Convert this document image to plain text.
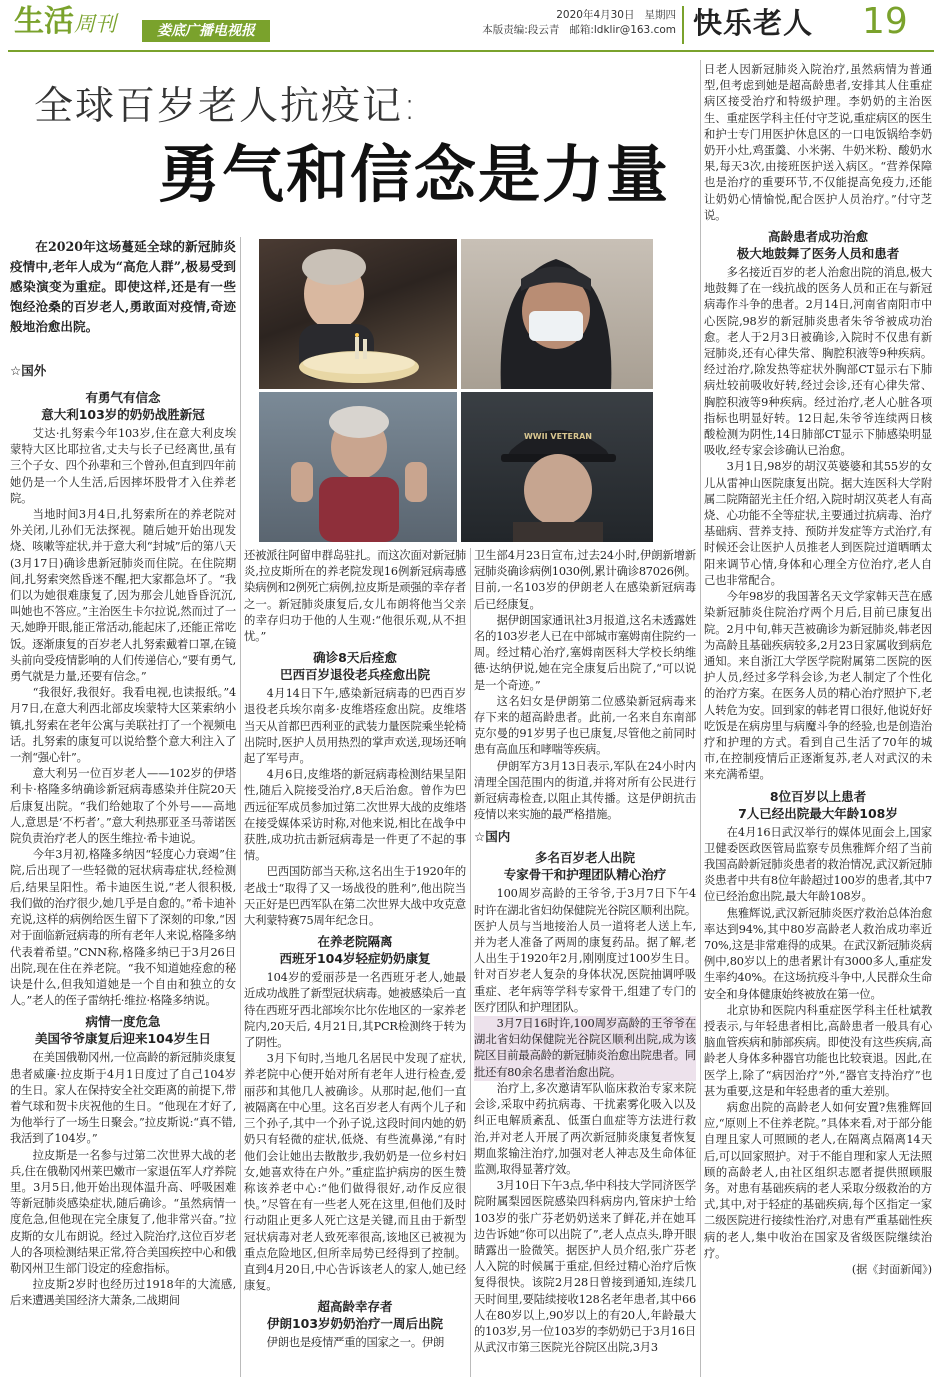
生活周刊	娄底广播电视报
2020年4月30日 星期四
本版责编:段云青 邮箱:ldklir@163.com 快乐老人 19
全球百岁老人抗疫记:
勇气和信念是力量

在2020年这场蔓延全球的新冠肺炎疫情中,老年人成为“高危人群”,极易受到感染演变为重症。即使这样,还是有一些饱经沧桑的百岁老人,勇敢面对疫情,奇迹般地治愈出院。

WWII VETERAN
☆国外
有勇气有信念
意大利103岁的奶奶战胜新冠

艾达·扎努索今年103岁,住在意大利皮埃蒙特大区比耶拉省,丈夫与长子已经离世,虽有三个子女、四个孙辈和三个曾孙,但直到四年前她仍是一个人生活,后因摔坏股骨才入住养老院。

当地时间3月4日,扎努索所在的养老院对外关闭,儿孙们无法探视。随后她开始出现发烧、咳嗽等症状,并于意大利“封城”后的第八天(3月17日)确诊患新冠肺炎而住院。在住院期间,扎努索突然昏迷不醒,把大家都急坏了。“我们以为她很难康复了,因为那会儿她昏昏沉沉,叫她也不答应。”主治医生卡尔拉说,然而过了一天,她睁开眼,能正常活动,能起床了,还能正常吃饭。逐渐康复的百岁老人扎努索戴着口罩,在镜头前向受疫情影响的人们传递信心,“要有勇气,勇气就是力量,还要有信念。”

“我很好,我很好。我看电视,也读报纸。”4月7日,在意大利西北部皮埃蒙特大区莱索纳小镇,扎努索在老年公寓与美联社打了一个视频电话。扎努索的康复可以说给整个意大利注入了一剂“强心针”。

意大利另一位百岁老人——102岁的伊塔利卡·格隆多纳确诊新冠病毒感染并住院20天后康复出院。“我们给她取了个外号——高地人,意思是‘不朽者’。”意大利热那亚圣马蒂诺医院负责治疗老人的医生维拉·希卡迪说。

今年3月初,格隆多纳因“轻度心力衰竭”住院,后出现了一些轻微的冠状病毒症状,经检测后,结果呈阳性。希卡迪医生说,“老人很积极,我们做的治疗很少,她几乎是自愈的。”希卡迪补充说,这样的病例给医生留下了深刻的印象,“因对于面临新冠病毒的所有老年人来说,格隆多纳代表着希望。”CNN称,格隆多纳已于3月26日出院,现在住在养老院。“我不知道她痊愈的秘诀是什么,但我知道她是一个自由和独立的女人。”老人的侄子雷纳托·维拉·格隆多纳说。

病情一度危急
美国爷爷康复后迎来104岁生日

在美国俄勒冈州,一位高龄的新冠肺炎康复患者威廉·拉皮斯于4月1日度过了自己104岁的生日。家人在保持安全社交距离的前提下,带着气球和贺卡庆祝他的生日。“他现在才好了,为他举行了一场生日聚会。”拉皮斯说:“真不错,我活到了104岁。”

拉皮斯是一名参与过第二次世界大战的老兵,住在俄勒冈州莱巴嫩市一家退伍军人疗养院里。3月5日,他开始出现体温升高、呼吸困难等新冠肺炎感染症状,随后确诊。“虽然病情一度危急,但他现在完全康复了,他非常兴奋。”拉皮斯的女儿布朗说。经过入院治疗,这位百岁老人的各项检测结果正常,符合美国疾控中心和俄勒冈州卫生部门设定的痊愈指标。

拉皮斯2岁时也经历过1918年的大流感,后来遭遇美国经济大萧条,二战期间

还被派往阿留申群岛驻扎。而这次面对新冠肺炎,拉皮斯所在的养老院发现16例新冠病毒感染病例和2例死亡病例,拉皮斯是顽强的幸存者之一。新冠肺炎康复后,女儿布朗将他当父亲的幸存归功于他的人生观:“他很乐观,从不担忧。”

确诊8天后痊愈
巴西百岁退役老兵痊愈出院

4月14日下午,感染新冠病毒的巴西百岁退役老兵埃尔南多·皮维塔痊愈出院。皮维塔当天从首都巴西利亚的武装力量医院乘坐轮椅出院时,医护人员用热烈的掌声欢送,现场还响起了军号声。

4月6日,皮维塔的新冠病毒检测结果呈阳性,随后入院接受治疗,8天后治愈。曾作为巴西远征军成员参加过第二次世界大战的皮维塔在接受媒体采访时称,对他来说,相比在战争中获胜,成功抗击新冠病毒是一件更了不起的事情。

巴西国防部当天称,这名出生于1920年的老战士“取得了又一场战役的胜利”,他出院当天正好是巴西军队在第二次世界大战中攻克意大利蒙特赛75周年纪念日。

在养老院隔离
西班牙104岁轻症奶奶康复

104岁的爱丽莎是一名西班牙老人,她最近成功战胜了新型冠状病毒。她被感染后一直待在西班牙西北部埃尔比尔佐地区的一家养老院内,20天后, 4月21日,其PCR检测终于转为了阴性。

3月下旬时,当地几名居民中发现了症状,养老院中心便开始对所有老年人进行检查,爱丽莎和其他几人被确诊。从那时起,他们一直被隔离在中心里。这名百岁老人有两个儿子和三个孙子,其中一个孙子说,这段时间内她的奶奶只有轻微的症状,低烧、有些流鼻涕,“有时他们会让她出去散散步,我奶奶是一位乡村妇女,她喜欢待在户外。”重症监护病房的医生赞称该养老中心:“他们做得很好,动作反应很快。”尽管在有一些老人死在这里,但他们及时行动阻止更多人死亡这是关键,而且由于新型冠状病毒对老人致死率很高,该地区已被视为重点危险地区,但所幸局势已经得到了控制。直到4月20日,中心告诉该老人的家人,她已经康复。

超高龄幸存者
伊朗103岁奶奶治疗一周后出院

伊朗也是疫情严重的国家之一。伊朗

卫生部4月23日宣布,过去24小时,伊朗新增新冠肺炎确诊病例1030例,累计确诊87026例。目前,一名103岁的伊朗老人在感染新冠病毒后已经康复。

据伊朗国家通讯社3月报道,这名未透露姓名的103岁老人已在中部城市塞姆南住院约一周。经过精心治疗,塞姆南医科大学校长纳维德·达纳伊说,她在完全康复后出院了,“可以说是一个奇迹。”

这名妇女是伊朗第二位感染新冠病毒来存下来的超高龄患者。此前,一名来自东南部克尔曼的91岁男子也已康复,尽管他之前同时患有高血压和哮喘等疾病。

伊朗军方3月13日表示,军队在24小时内清理全国范围内的街道,并将对所有公民进行新冠病毒检查,以阻止其传播。这是伊朗抗击疫情以来实施的最严格措施。

☆国内
多名百岁老人出院
专家骨干和护理团队精心治疗

100周岁高龄的王爷爷,于3月7日下午4时许在湖北省妇幼保健院光谷院区顺利出院。医护人员与当地接治人员一道将老人送上车,并为老人准备了两周的康复药品。据了解,老人出生于1920年2月,刚刚度过100岁生日。针对百岁老人复杂的身体状况,医院抽调呼吸重症、老年病等学科专家骨干,组建了专门的医疗团队和护理团队。

3月7日16时许,100周岁高龄的王爷爷在湖北省妇幼保健院光谷院区顺利出院,成为该院区目前最高龄的新冠肺炎治愈出院患者。同批还有80余名患者治愈出院。

治疗上,多次邀请军队临床救治专家来院会诊,采取中药抗病毒、干扰素雾化吸入以及纠正电解质紊乱、低蛋白血症等方法进行救治,并对老人开展了两次新冠肺炎康复者恢复期血浆输注治疗,加强对老人神志及生命体征监测,取得显著疗效。

3月10日下午3点,华中科技大学同济医学院附属梨园医院感染四科病房内,管床护士给103岁的张广芬老奶奶送来了鲜花,并在她耳边告诉她“你可以出院了”,老人点点头,睁开眼睛露出一脸微笑。据医护人员介绍,张广芬老人入院的时候属于重症,但经过精心治疗后恢复得很快。该院2月28日曾接到通知,连续几天时间里,要陆续接收128名老年患者,其中66人在80岁以上,90岁以上的有20人,年龄最大的103岁,另一位103岁的李奶奶已于3月16日从武汉市第三医院光谷院区出院,3月3

日老人因新冠肺炎入院治疗,虽然病情为普通型,但考虑到她是超高龄患者,安排其人住重症病区接受治疗和特级护理。李奶奶的主治医生、重症医学科主任付守芝说,重症病区的医生和护士专门用医护休息区的一口电饭锅给李奶奶开小灶,鸡蛋羹、小米粥、牛奶米粉、酸奶水果,每天3次,由接班医护送入病区。“营养保障也是治疗的重要环节,不仅能提高免疫力,还能让奶奶心情愉悦,配合医护人员治疗。”付守芝说。

高龄患者成功治愈
极大地鼓舞了医务人员和患者

多名接近百岁的老人治愈出院的消息,极大地鼓舞了在一线抗战的医务人员和正在与新冠病毒作斗争的患者。2月14日,河南省南阳市中心医院,98岁的新冠肺炎患者朱爷爷被成功治愈。老人于2月3日被确诊,入院时不仅患有新冠肺炎,还有心律失常、胸腔积液等9种疾病。经过治疗,除发热等症状外胸部CT显示右下肺病灶较前吸收好转,经过会诊,还有心律失常、胸腔积液等9种疾病。经过治疗,老人心脏各项指标也明显好转。12日起,朱爷爷连续两日核酸检测为阴性,14日肺部CT显示下肺感染明显吸收,经专家会诊确认已治愈。

3月1日,98岁的胡汉英婆婆和其55岁的女儿从雷神山医院康复出院。据大连医科大学附属二院隋韶光主任介绍,入院时胡汉英老人有高烧、心功能不全等症状,主要通过抗病毒、治疗基础病、营养支持、预防并发症等方式治疗,有时候还会让医护人员推老人到医院过道晒晒太阳来调节心情,身体和心理全方位治疗,老人自己也非常配合。

今年98岁的我国著名天文学家韩天芑在感染新冠肺炎住院治疗两个月后,目前已康复出院。2月中旬,韩天芑被确诊为新冠肺炎,韩老因为高龄且基础疾病较多,2月23日家属收到病危通知。来自浙江大学医学院附属第二医院的医护人员,经过多学科会诊,为老人制定了个性化的治疗方案。在医务人员的精心治疗照护下,老人转危为安。回到家的韩老胃口很好,他说好好吃饭是在病房里与病魔斗争的经验,也是创造治疗和护理的方式。看到自己生活了70年的城市,在控制疫情后正逐渐复苏,老人对武汉的未来充满希望。

8位百岁以上患者
7人已经出院最大年龄108岁

在4月16日武汉举行的媒体见面会上,国家卫健委医政医管局监察专员焦雅辉介绍了当前我国高龄新冠肺炎患者的救治情况,武汉新冠肺炎患者中共有8位年龄超过100岁的患者,其中7位已经治愈出院,最大年龄108岁。

焦雅辉说,武汉新冠肺炎医疗救治总体治愈率达到94%,其中80岁高龄老人救治成功率近70%,这是非常难得的成果。在武汉新冠肺炎病例中,80岁以上的患者累计有3000多人,重症发生率约40%。在这场抗疫斗争中,人民群众生命安全和身体健康始终被放在第一位。

北京协和医院内科重症医学科主任杜斌教授表示,与年轻患者相比,高龄患者一般具有心脑血管疾病和肺部疾病。即使没有这些疾病,高龄老人身体多种器官功能也比较衰退。因此,在医学上,除了“病因治疗”外,“器官支持治疗”也甚为重要,这是和年轻患者的重大差别。

病愈出院的高龄老人如何安置?焦雅辉回应,“原则上不住养老院。”具体来看,对于部分能自理且家人可照顾的老人,在隔离点隔离14天后,可以回家照护。对于不能自理和家人无法照顾的高龄老人,由社区组织志愿者提供照顾服务。对患有基础疾病的老人采取分级救治的方式,其中,对于轻症的基础疾病,每个区指定一家二级医院进行接续性治疗,对患有严重基础性疾病的老人,集中收治在国家及省级医院继续治疗。

(据《封面新闻》)
